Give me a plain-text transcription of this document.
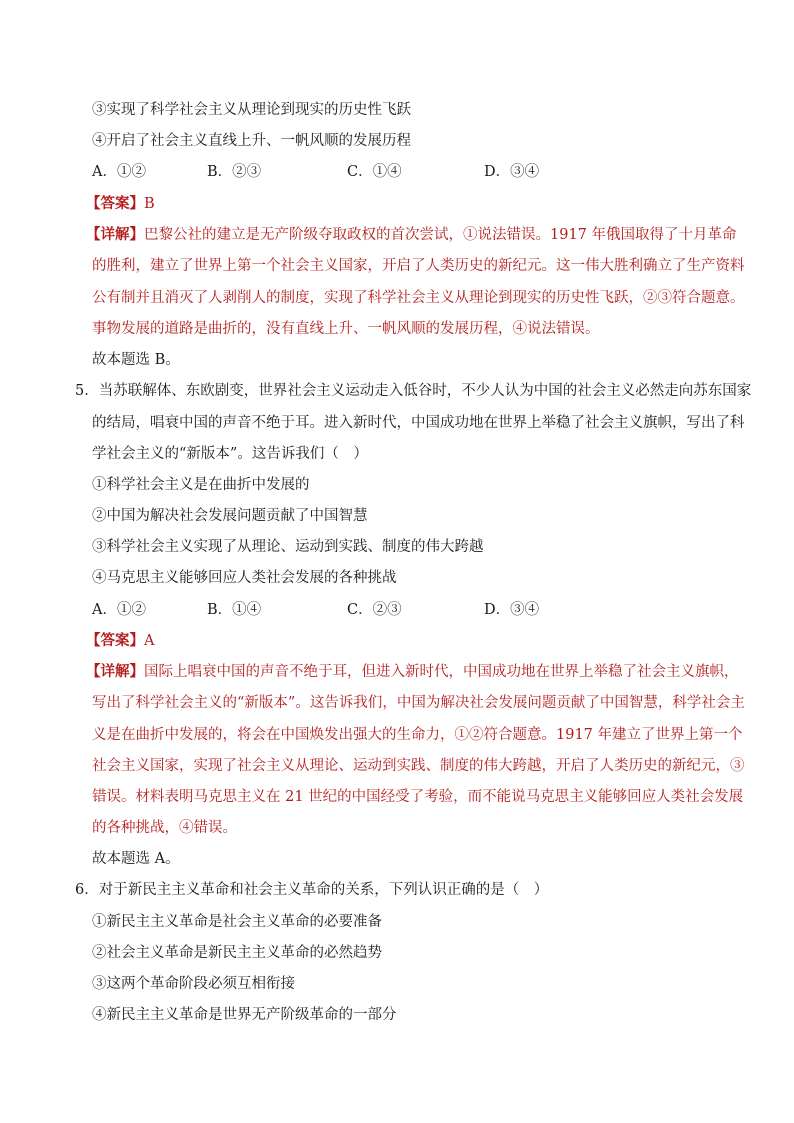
③实现了科学社会主义从理论到现实的历史性飞跃
④开启了社会主义直线上升、一帆风顺的发展历程
A．①②	B．②③	C．①④	D．③④
【答案】B
【详解】巴黎公社的建立是无产阶级夺取政权的首次尝试，①说法错误。1917 年俄国取得了十月革命
的胜利，建立了世界上第一个社会主义国家，开启了人类历史的新纪元。这一伟大胜利确立了生产资料
公有制并且消灭了人剥削人的制度，实现了科学社会主义从理论到现实的历史性飞跃，②③符合题意。
事物发展的道路是曲折的，没有直线上升、一帆风顺的发展历程，④说法错误。
故本题选 B。
5．当苏联解体、东欧剧变，世界社会主义运动走入低谷时，不少人认为中国的社会主义必然走向苏东国家
的结局，唱衰中国的声音不绝于耳。进入新时代，中国成功地在世界上举稳了社会主义旗帜，写出了科
学社会主义的“新版本”。这告诉我们（　）
①科学社会主义是在曲折中发展的
②中国为解决社会发展问题贡献了中国智慧
③科学社会主义实现了从理论、运动到实践、制度的伟大跨越
④马克思主义能够回应人类社会发展的各种挑战
A．①②	B．①④	C．②③	D．③④
【答案】A
【详解】国际上唱衰中国的声音不绝于耳，但进入新时代，中国成功地在世界上举稳了社会主义旗帜，
写出了科学社会主义的“新版本”。这告诉我们，中国为解决社会发展问题贡献了中国智慧，科学社会主
义是在曲折中发展的，将会在中国焕发出强大的生命力，①②符合题意。1917 年建立了世界上第一个
社会主义国家，实现了社会主义从理论、运动到实践、制度的伟大跨越，开启了人类历史的新纪元，③
错误。材料表明马克思主义在 21 世纪的中国经受了考验，而不能说马克思主义能够回应人类社会发展
的各种挑战，④错误。
故本题选 A。
6．对于新民主主义革命和社会主义革命的关系，下列认识正确的是（　）
①新民主主义革命是社会主义革命的必要准备
②社会主义革命是新民主主义革命的必然趋势
③这两个革命阶段必须互相衔接
④新民主主义革命是世界无产阶级革命的一部分
